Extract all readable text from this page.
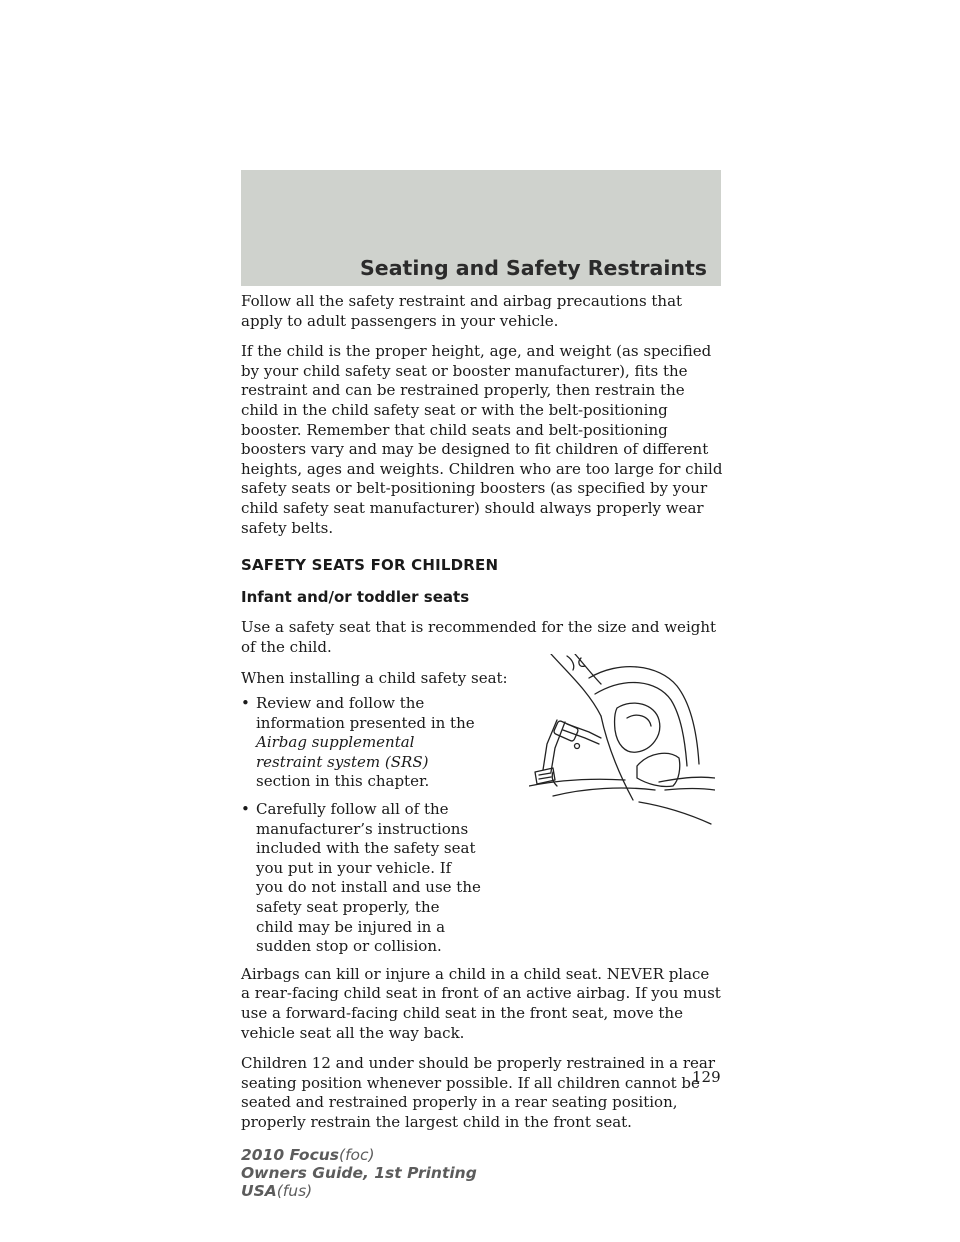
Seating and Safety Restraints

Follow all the safety restraint and airbag precautions that apply to adult passengers in your vehicle.

If the child is the proper height, age, and weight (as specified by your child safety seat or booster manufacturer), fits the restraint and can be restrained properly, then restrain the child in the child safety seat or with the belt-positioning booster. Remember that child seats and belt-positioning boosters vary and may be designed to fit children of different heights, ages and weights. Children who are too large for child safety seats or belt-positioning boosters (as specified by your child safety seat manufacturer) should always properly wear safety belts.

SAFETY SEATS FOR CHILDREN
Infant and/or toddler seats

Use a safety seat that is recommended for the size and weight of the child.

When installing a child safety seat:

• Review and follow the information presented in the Airbag supplemental restraint system (SRS) section in this chapter.
• Carefully follow all of the manufacturer’s instructions included with the safety seat you put in your vehicle. If you do not install and use the safety seat properly, the child may be injured in a sudden stop or collision.

Airbags can kill or injure a child in a child seat. NEVER place a rear-facing child seat in front of an active airbag. If you must use a forward-facing child seat in the front seat, move the vehicle seat all the way back.

Children 12 and under should be properly restrained in a rear seating position whenever possible. If all children cannot be seated and restrained properly in a rear seating position, properly restrain the largest child in the front seat.

129
2010 Focus(foc)
Owners Guide, 1st Printing
USA(fus)
